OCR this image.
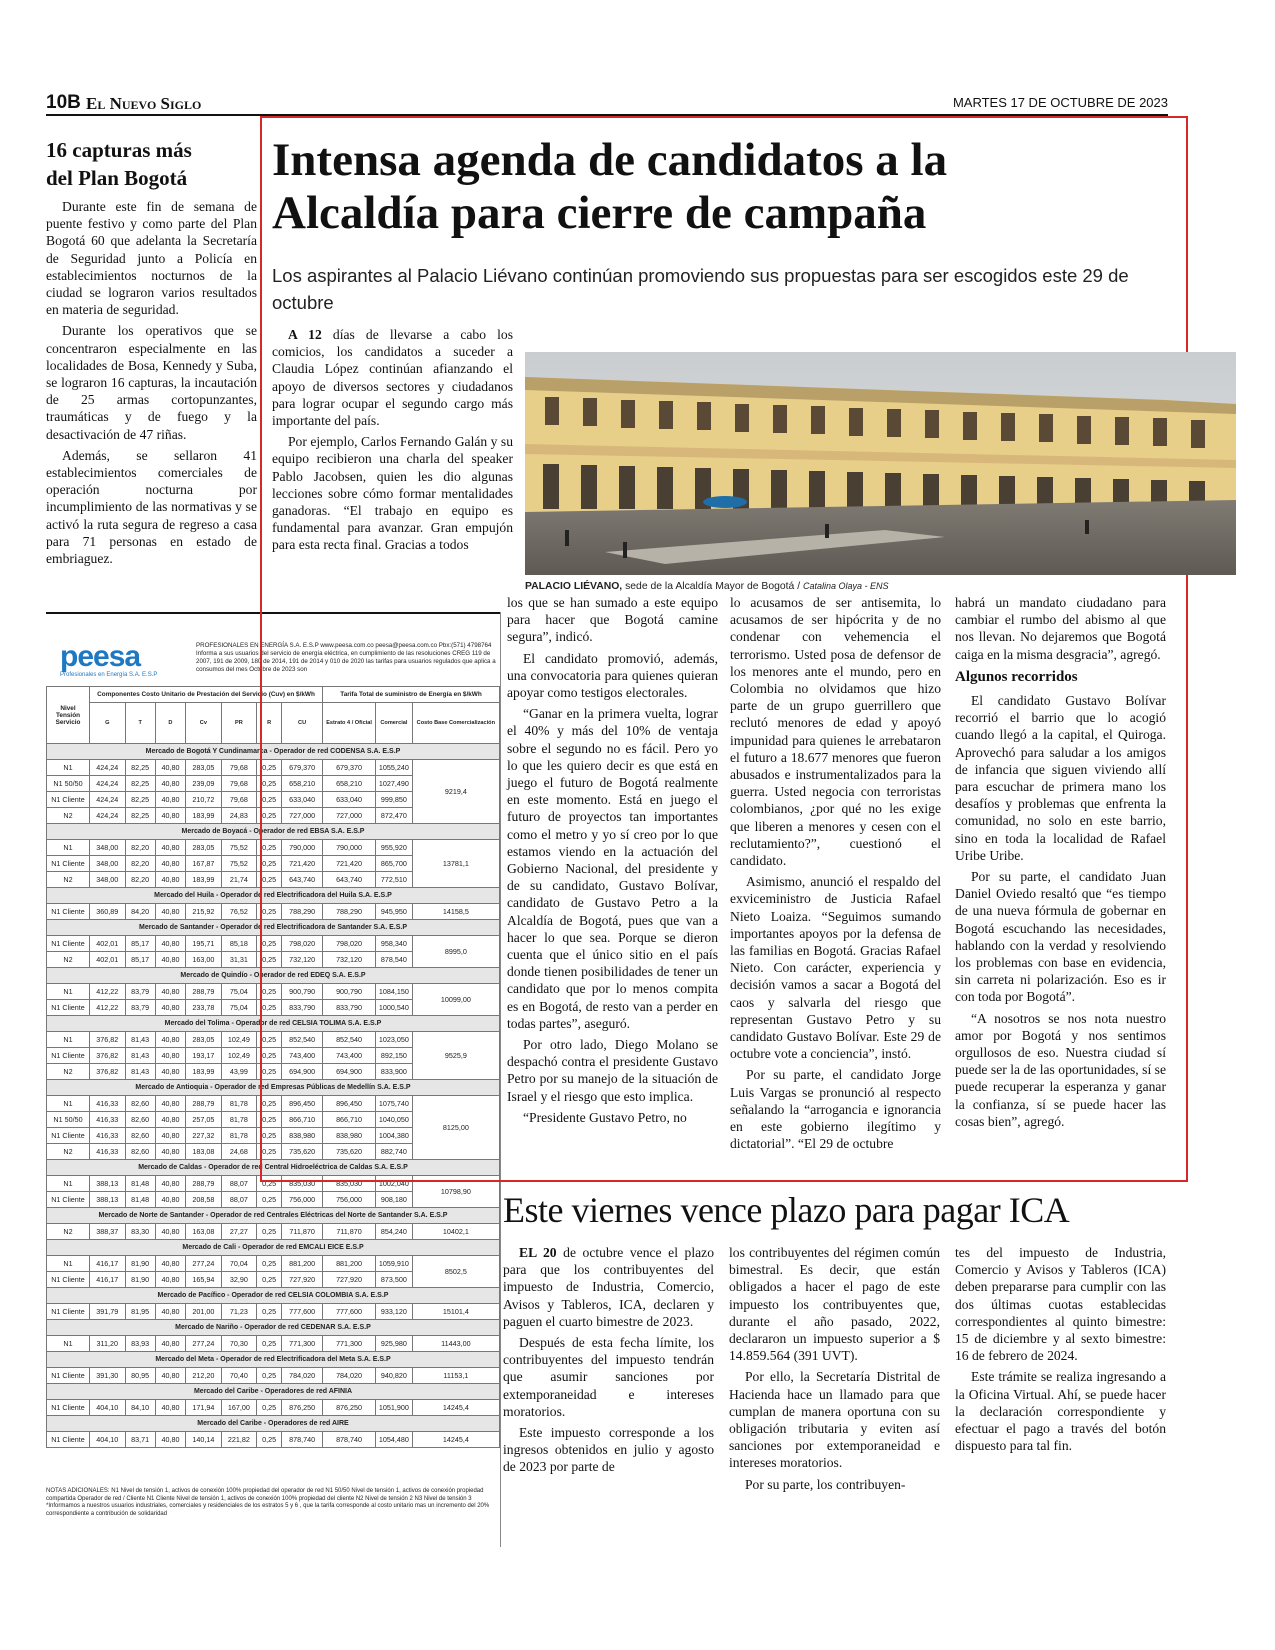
10B El Nuevo Siglo	MARTES 17 DE OCTUBRE DE 2023
16 capturas más del Plan Bogotá

Durante este fin de semana de puente festivo y como parte del Plan Bogotá 60 que adelanta la Secretaría de Seguridad junto a Policía en establecimientos nocturnos de la ciudad se lograron varios resultados en materia de seguridad.

Durante los operativos que se concentraron especialmente en las localidades de Bosa, Kennedy y Suba, se lograron 16 capturas, la incautación de 25 armas cortopunzantes, traumáticas y de fuego y la desactivación de 47 riñas.

Además, se sellaron 41 establecimientos comerciales de operación nocturna por incumplimiento de las normativas y se activó la ruta segura de regreso a casa para 71 personas en estado de embriaguez.

peesa
Profesionales en Energía S.A. E.S.P
PROFESIONALES EN ENERGÍA S.A. E.S.P www.peesa.com.co peesa@peesa.com.co Pbx:(571) 4798764 Informa a sus usuarios del servicio de energía eléctrica, en cumplimiento de las resoluciones CREG 119 de 2007, 191 de 2009, 180 de 2014, 191 de 2014 y 010 de 2020 las tarifas para usuarios regulados que aplica a consumos del mes Octubre de 2023 son
Nivel Tensión Servicio	Componentes Costo Unitario de Prestación del Servicio (Cuv) en $/kWh							Tarifa Total de suministro de Energía en $/kWh		
	G	T	D	Cv	PR	R	CU	Estrato 4 / Oficial	Comercial	Costo Base Comercialización
Mercado de Bogotá Y Cundinamarca - Operador de red CODENSA S.A. E.S.P										
N1	424,24	82,25	40,80	283,05	79,68	0,25	679,370	679,370	1055,240	9219,4
N1 50/50	424,24	82,25	40,80	239,09	79,68	0,25	658,210	658,210	1027,490	
N1 Cliente	424,24	82,25	40,80	210,72	79,68	0,25	633,040	633,040	999,850	
N2	424,24	82,25	40,80	183,99	24,83	0,25	727,000	727,000	872,470	
Mercado de Boyacá - Operador de red EBSA S.A. E.S.P										
N1	348,00	82,20	40,80	283,05	75,52	0,25	790,000	790,000	955,920	13781,1
N1 Cliente	348,00	82,20	40,80	167,87	75,52	0,25	721,420	721,420	865,700	
N2	348,00	82,20	40,80	183,99	21,74	0,25	643,740	643,740	772,510	
Mercado del Huila - Operador de red Electrificadora del Huila S.A. E.S.P										
N1 Cliente	360,89	84,20	40,80	215,92	76,52	0,25	788,290	788,290	945,950	14158,5
Mercado de Santander - Operador de red Electrificadora de Santander S.A. E.S.P										
N1 Cliente	402,01	85,17	40,80	195,71	85,18	0,25	798,020	798,020	958,340	8995,0
N2	402,01	85,17	40,80	163,00	31,31	0,25	732,120	732,120	878,540	
Mercado de Quindío - Operador de red EDEQ S.A. E.S.P										
N1	412,22	83,79	40,80	288,79	75,04	0,25	900,790	900,790	1084,150	10099,00
N1 Cliente	412,22	83,79	40,80	233,78	75,04	0,25	833,790	833,790	1000,540	
Mercado del Tolima - Operador de red CELSIA TOLIMA S.A. E.S.P										
N1	376,82	81,43	40,80	283,05	102,49	0,25	852,540	852,540	1023,050	9525,9
N1 Cliente	376,82	81,43	40,80	193,17	102,49	0,25	743,400	743,400	892,150	
N2	376,82	81,43	40,80	183,99	43,99	0,25	694,900	694,900	833,900	
Mercado de Antioquia - Operador de red Empresas Públicas de Medellín S.A. E.S.P										
N1	416,33	82,60	40,80	288,79	81,78	0,25	896,450	896,450	1075,740	8125,00
N1 50/50	416,33	82,60	40,80	257,05	81,78	0,25	866,710	866,710	1040,050	
N1 Cliente	416,33	82,60	40,80	227,32	81,78	0,25	838,980	838,980	1004,380	
N2	416,33	82,60	40,80	183,08	24,68	0,25	735,620	735,620	882,740	
Mercado de Caldas - Operador de red Central Hidroeléctrica de Caldas S.A. E.S.P										
N1	388,13	81,48	40,80	288,79	88,07	0,25	835,030	835,030	1002,040	10798,90
N1 Cliente	388,13	81,48	40,80	208,58	88,07	0,25	756,000	756,000	908,180	
Mercado de Norte de Santander - Operador de red Centrales Eléctricas del Norte de Santander S.A. E.S.P										
N2	388,37	83,30	40,80	163,08	27,27	0,25	711,870	711,870	854,240	10402,1
Mercado de Cali - Operador de red EMCALI EICE E.S.P										
N1	416,17	81,90	40,80	277,24	70,04	0,25	881,200	881,200	1059,910	8502,5
N1 Cliente	416,17	81,90	40,80	165,94	32,90	0,25	727,920	727,920	873,500	
Mercado de Pacífico - Operador de red CELSIA COLOMBIA S.A. E.S.P										
N1 Cliente	391,79	81,95	40,80	201,00	71,23	0,25	777,600	777,600	933,120	15101,4
Mercado de Nariño - Operador de red CEDENAR S.A. E.S.P										
N1	311,20	83,93	40,80	277,24	70,30	0,25	771,300	771,300	925,980	11443,00
Mercado del Meta - Operador de red Electrificadora del Meta S.A. E.S.P										
N1 Cliente	391,30	80,95	40,80	212,20	70,40	0,25	784,020	784,020	940,820	11153,1
Mercado del Caribe - Operadores de red AFINIA										
N1 Cliente	404,10	84,10	40,80	171,94	167,00	0,25	876,250	876,250	1051,900	14245,4
Mercado del Caribe - Operadores de red AIRE										
N1 Cliente	404,10	83,71	40,80	140,14	221,82	0,25	878,740	878,740	1054,480	14245,4
NOTAS ADICIONALES: N1 Nivel de tensión 1, activos de conexión 100% propiedad del operador de red N1 50/50 Nivel de tensión 1, activos de conexión propiedad compartida Operador de red / Cliente N1 Cliente Nivel de tensión 1, activos de conexión 100% propiedad del cliente N2 Nivel de tensión 2 N3 Nivel de tensión 3
*Informamos a nuestros usuarios industriales, comerciales y residenciales de los estratos 5 y 6 , que la tarifa corresponde al costo unitario mas un incremento del 20% correspondiente a contribución de solidaridad
Intensa agenda de candidatos a la Alcaldía para cierre de campaña
Los aspirantes al Palacio Liévano continúan promoviendo sus propuestas para ser escogidos este 29 de octubre

A 12 días de llevarse a cabo los comicios, los candidatos a suceder a Claudia López continúan afianzando el apoyo de diversos sectores y ciudadanos para lograr ocupar el segundo cargo más importante del país.

Por ejemplo, Carlos Fernando Galán y su equipo recibieron una charla del speaker Pablo Jacobsen, quien les dio algunas lecciones sobre cómo formar mentalidades ganadoras. “El trabajo en equipo es fundamental para avanzar. Gran empujón para esta recta final. Gracias a todos

PALACIO LIÉVANO, sede de la Alcaldía Mayor de Bogotá / Catalina Olaya - ENS

los que se han sumado a este equipo para hacer que Bogotá camine segura”, indicó.

El candidato promovió, además, una convocatoria para quienes quieran apoyar como testigos electorales.

“Ganar en la primera vuelta, lograr el 40% y más del 10% de ventaja sobre el segundo no es fácil. Pero yo lo que les quiero decir es que está en juego el futuro de Bogotá realmente en este momento. Está en juego el futuro de proyectos tan importantes como el metro y yo sí creo por lo que estamos viendo en la actuación del Gobierno Nacional, del presidente y de su candidato, Gustavo Bolívar, candidato de Gustavo Petro a la Alcaldía de Bogotá, pues que van a hacer lo que sea. Porque se dieron cuenta que el único sitio en el país donde tienen posibilidades de tener un candidato que por lo menos compita es en Bogotá, de resto van a perder en todas partes”, aseguró.

Por otro lado, Diego Molano se despachó contra el presidente Gustavo Petro por su manejo de la situación de Israel y el riesgo que esto implica.

“Presidente Gustavo Petro, no

lo acusamos de ser antisemita, lo acusamos de ser hipócrita y de no condenar con vehemencia el terrorismo. Usted posa de defensor de los menores ante el mundo, pero en Colombia no olvidamos que hizo parte de un grupo guerrillero que reclutó menores de edad y apoyó impunidad para quienes le arrebataron el futuro a 18.677 menores que fueron abusados e instrumentalizados para la guerra. Usted negocia con terroristas colombianos, ¿por qué no les exige que liberen a menores y cesen con el reclutamiento?”, cuestionó el candidato.

Asimismo, anunció el respaldo del exviceministro de Justicia Rafael Nieto Loaiza. “Seguimos sumando importantes apoyos por la defensa de las familias en Bogotá. Gracias Rafael Nieto. Con carácter, experiencia y decisión vamos a sacar a Bogotá del caos y salvarla del riesgo que representan Gustavo Petro y su candidato Gustavo Bolívar. Este 29 de octubre vote a conciencia”, instó.

Por su parte, el candidato Jorge Luis Vargas se pronunció al respecto señalando la “arrogancia e ignorancia en este gobierno ilegítimo y dictatorial”. “El 29 de octubre

habrá un mandato ciudadano para cambiar el rumbo del abismo al que nos llevan. No dejaremos que Bogotá caiga en la misma desgracia”, agregó.

Algunos recorridos

El candidato Gustavo Bolívar recorrió el barrio que lo acogió cuando llegó a la capital, el Quiroga. Aprovechó para saludar a los amigos de infancia que siguen viviendo allí para escuchar de primera mano los desafíos y problemas que enfrenta la comunidad, no solo en este barrio, sino en toda la localidad de Rafael Uribe Uribe.

Por su parte, el candidato Juan Daniel Oviedo resaltó que “es tiempo de una nueva fórmula de gobernar en Bogotá escuchando las necesidades, hablando con la verdad y resolviendo los problemas con base en evidencia, sin carreta ni polarización. Eso es ir con toda por Bogotá”.

“A nosotros se nos nota nuestro amor por Bogotá y nos sentimos orgullosos de eso. Nuestra ciudad sí puede ser la de las oportunidades, sí se puede recuperar la esperanza y ganar la confianza, sí se puede hacer las cosas bien”, agregó.

Este viernes vence plazo para pagar ICA

EL 20 de octubre vence el plazo para que los contribuyentes del impuesto de Industria, Comercio, Avisos y Tableros, ICA, declaren y paguen el cuarto bimestre de 2023.

Después de esta fecha límite, los contribuyentes del impuesto tendrán que asumir sanciones por extemporaneidad e intereses moratorios.

Este impuesto corresponde a los ingresos obtenidos en julio y agosto de 2023 por parte de

los contribuyentes del régimen común bimestral. Es decir, que están obligados a hacer el pago de este impuesto los contribuyentes que, durante el año pasado, 2022, declararon un impuesto superior a $ 14.859.564 (391 UVT).

Por ello, la Secretaría Distrital de Hacienda hace un llamado para que cumplan de manera oportuna con su obligación tributaria y eviten así sanciones por extemporaneidad e intereses moratorios.

Por su parte, los contribuyen-

tes del impuesto de Industria, Comercio y Avisos y Tableros (ICA) deben prepararse para cumplir con las dos últimas cuotas establecidas correspondientes al quinto bimestre: 15 de diciembre y al sexto bimestre: 16 de febrero de 2024.

Este trámite se realiza ingresando a la Oficina Virtual. Ahí, se puede hacer la declaración correspondiente y efectuar el pago a través del botón dispuesto para tal fin.
